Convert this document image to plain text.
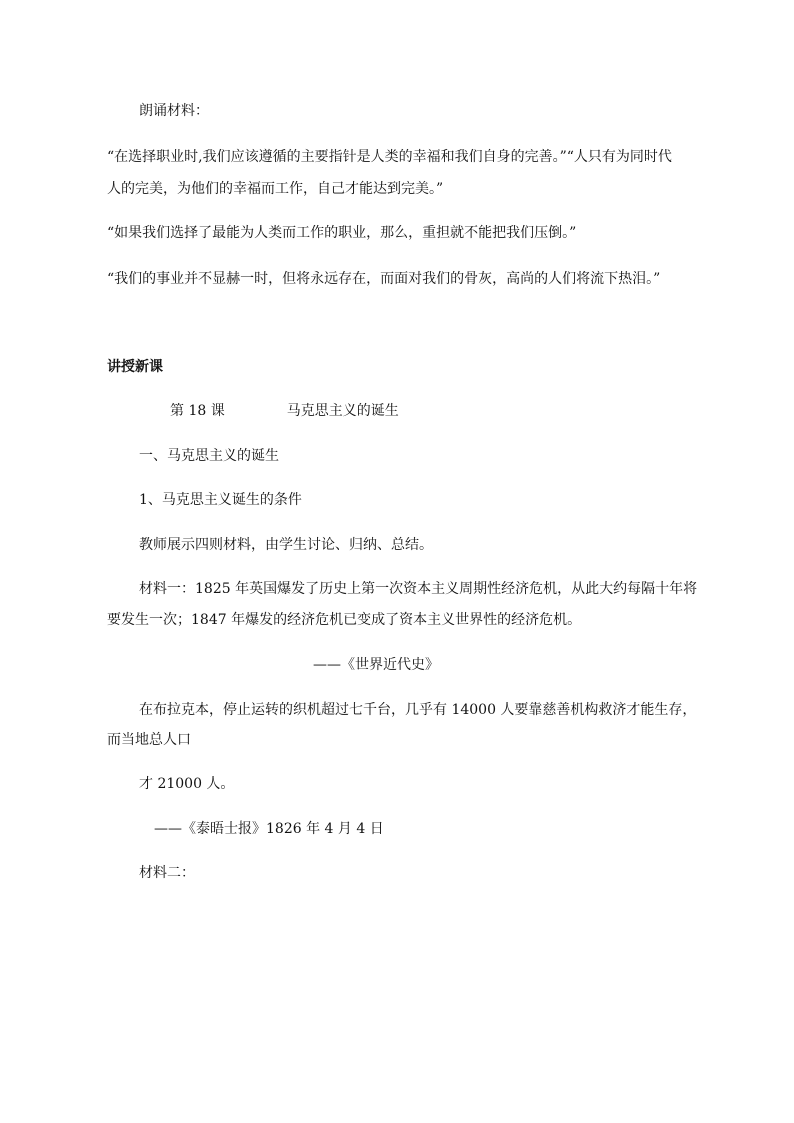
朗诵材料：
“在选择职业时,我们应该遵循的主要指针是人类的幸福和我们自身的完善。”“人只有为同时代
人的完美，为他们的幸福而工作，自己才能达到完美。”
“如果我们选择了最能为人类而工作的职业，那么，重担就不能把我们压倒。”
“我们的事业并不显赫一时，但将永远存在，而面对我们的骨灰，高尚的人们将流下热泪。”
讲授新课
第 18 课	马克思主义的诞生
一、马克思主义的诞生
1、马克思主义诞生的条件
教师展示四则材料，由学生讨论、归纳、总结。
材料一：1825 年英国爆发了历史上第一次资本主义周期性经济危机，从此大约每隔十年将
要发生一次；1847 年爆发的经济危机已变成了资本主义世界性的经济危机。
——《世界近代史》
在布拉克本，停止运转的织机超过七千台，几乎有 14000 人要靠慈善机构救济才能生存，
而当地总人口
才 21000 人。
——《泰晤士报》1826 年 4 月 4 日
材料二：
